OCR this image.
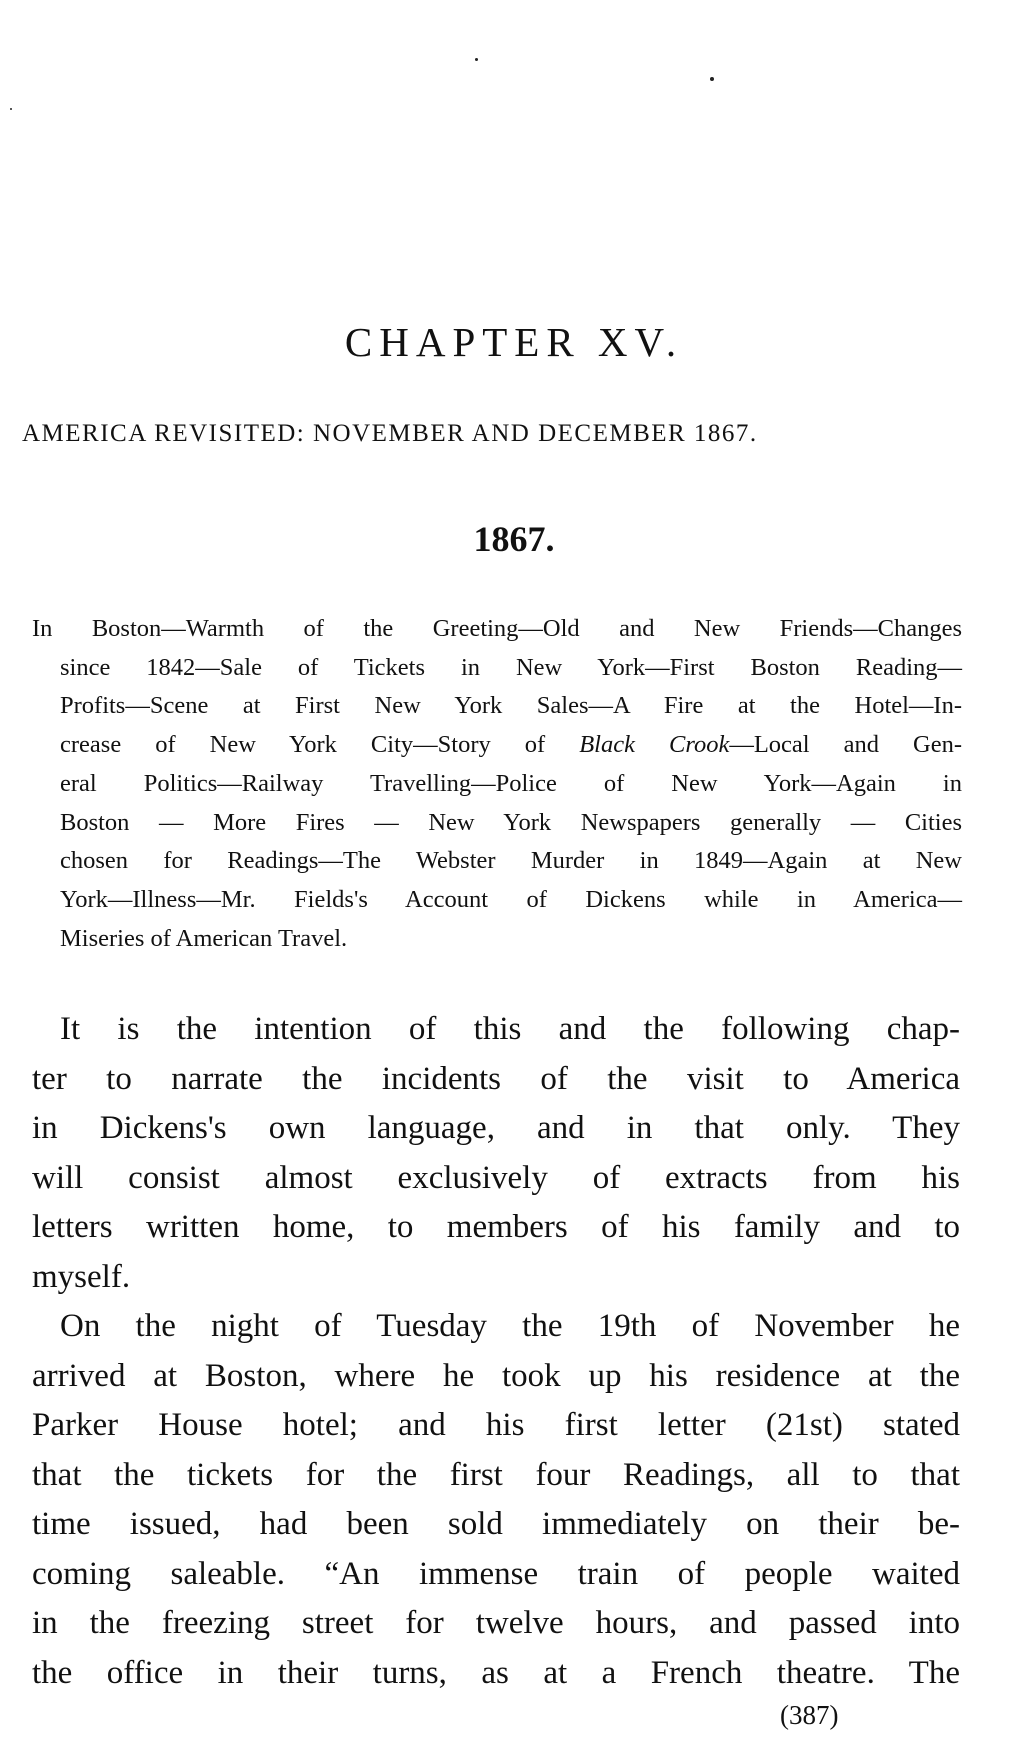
CHAPTER XV.
AMERICA REVISITED: NOVEMBER AND DECEMBER 1867.
1867.
In Boston—Warmth of the Greeting—Old and New Friends—Changes
since 1842—Sale of Tickets in New York—First Boston Reading—
Profits—Scene at First New York Sales—A Fire at the Hotel—In-
crease of New York City—Story of Black Crook—Local and Gen-
eral Politics—Railway Travelling—Police of New York—Again in
Boston — More Fires — New York Newspapers generally — Cities
chosen for Readings—The Webster Murder in 1849—Again at New
York—Illness—Mr. Fields's Account of Dickens while in America—
Miseries of American Travel.
It is the intention of this and the following chap-
ter to narrate the incidents of the visit to America
in Dickens's own language, and in that only. They
will consist almost exclusively of extracts from his
letters written home, to members of his family and to
myself.
On the night of Tuesday the 19th of November he
arrived at Boston, where he took up his residence at the
Parker House hotel; and his first letter (21st) stated
that the tickets for the first four Readings, all to that
time issued, had been sold immediately on their be-
coming saleable. “An immense train of people waited
in the freezing street for twelve hours, and passed into
the office in their turns, as at a French theatre. The

(387)
